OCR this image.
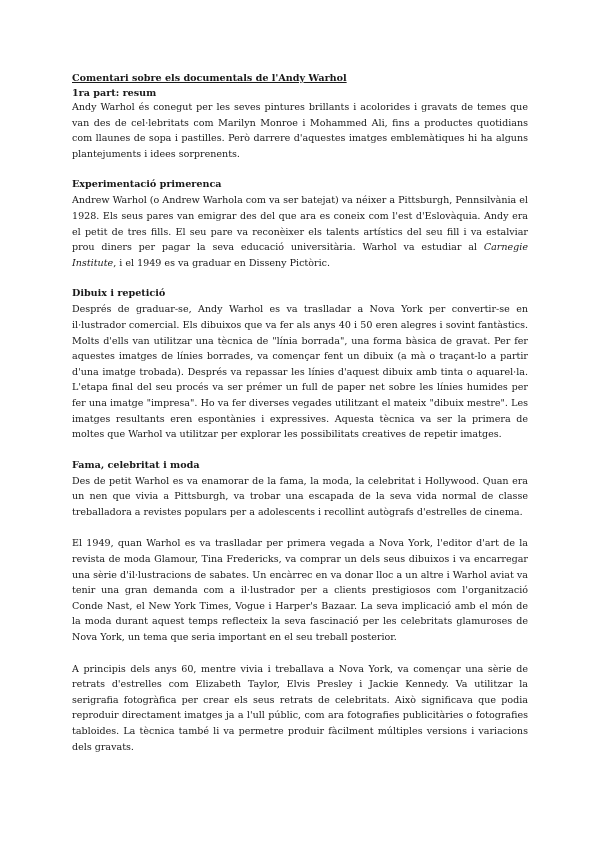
Comentari sobre els documentals de l'Andy Warhol
1ra part: resum

Andy Warhol és conegut per les seves pintures brillants i acolorides i gravats de temes que van des de cel·lebritats com Marilyn Monroe i Mohammed Ali, fins a productes quotidians com llaunes de sopa i pastilles. Però darrere d'aquestes imatges emblemàtiques hi ha alguns plantejuments i idees sorprenents.

Experimentació primerenca

Andrew Warhol (o Andrew Warhola com va ser batejat) va néixer a Pittsburgh, Pennsilvània el 1928. Els seus pares van emigrar des del que ara es coneix com l'est d'Eslovàquia. Andy era el petit de tres fills. El seu pare va reconèixer els talents artístics del seu fill i va estalviar prou diners per pagar la seva educació universitària. Warhol va estudiar al Carnegie Institute, i el 1949 es va graduar en Disseny Pictòric.

Dibuix i repetició

Després de graduar-se, Andy Warhol es va traslladar a Nova York per convertir-se en il·lustrador comercial. Els dibuixos que va fer als anys 40 i 50 eren alegres i sovint fantàstics. Molts d'ells van utilitzar una tècnica de "línia borrada", una forma bàsica de gravat. Per fer aquestes imatges de línies borrades, va començar fent un dibuix (a mà o traçant-lo a partir d'una imatge trobada). Després va repassar les línies d'aquest dibuix amb tinta o aquarel·la. L'etapa final del seu procés va ser prémer un full de paper net sobre les línies humides per fer una imatge "impresa". Ho va fer diverses vegades utilitzant el mateix "dibuix mestre". Les imatges resultants eren espontànies i expressives. Aquesta tècnica va ser la primera de moltes que Warhol va utilitzar per explorar les possibilitats creatives de repetir imatges.

Fama, celebritat i moda

Des de petit Warhol es va enamorar de la fama, la moda, la celebritat i Hollywood. Quan era un nen que vivia a Pittsburgh, va trobar una escapada de la seva vida normal de classe treballadora a revistes populars per a adolescents i recollint autògrafs d'estrelles de cinema.

El 1949, quan Warhol es va traslladar per primera vegada a Nova York, l'editor d'art de la revista de moda Glamour, Tina Fredericks, va comprar un dels seus dibuixos i va encarregar una sèrie d'il·lustracions de sabates. Un encàrrec en va donar lloc a un altre i Warhol aviat va tenir una gran demanda com a il·lustrador per a clients prestigiosos com l'organització Conde Nast, el New York Times, Vogue i Harper's Bazaar. La seva implicació amb el món de la moda durant aquest temps reflecteix la seva fascinació per les celebritats glamuroses de Nova York, un tema que seria important en el seu treball posterior.

A principis dels anys 60, mentre vivia i treballava a Nova York, va començar una sèrie de retrats d'estrelles com Elizabeth Taylor, Elvis Presley i Jackie Kennedy. Va utilitzar la serigrafia fotogràfica per crear els seus retrats de celebritats. Això significava que podia reproduir directament imatges ja a l'ull públic, com ara fotografies publicitàries o fotografies tabloides. La tècnica també li va permetre produir fàcilment múltiples versions i variacions dels gravats.
